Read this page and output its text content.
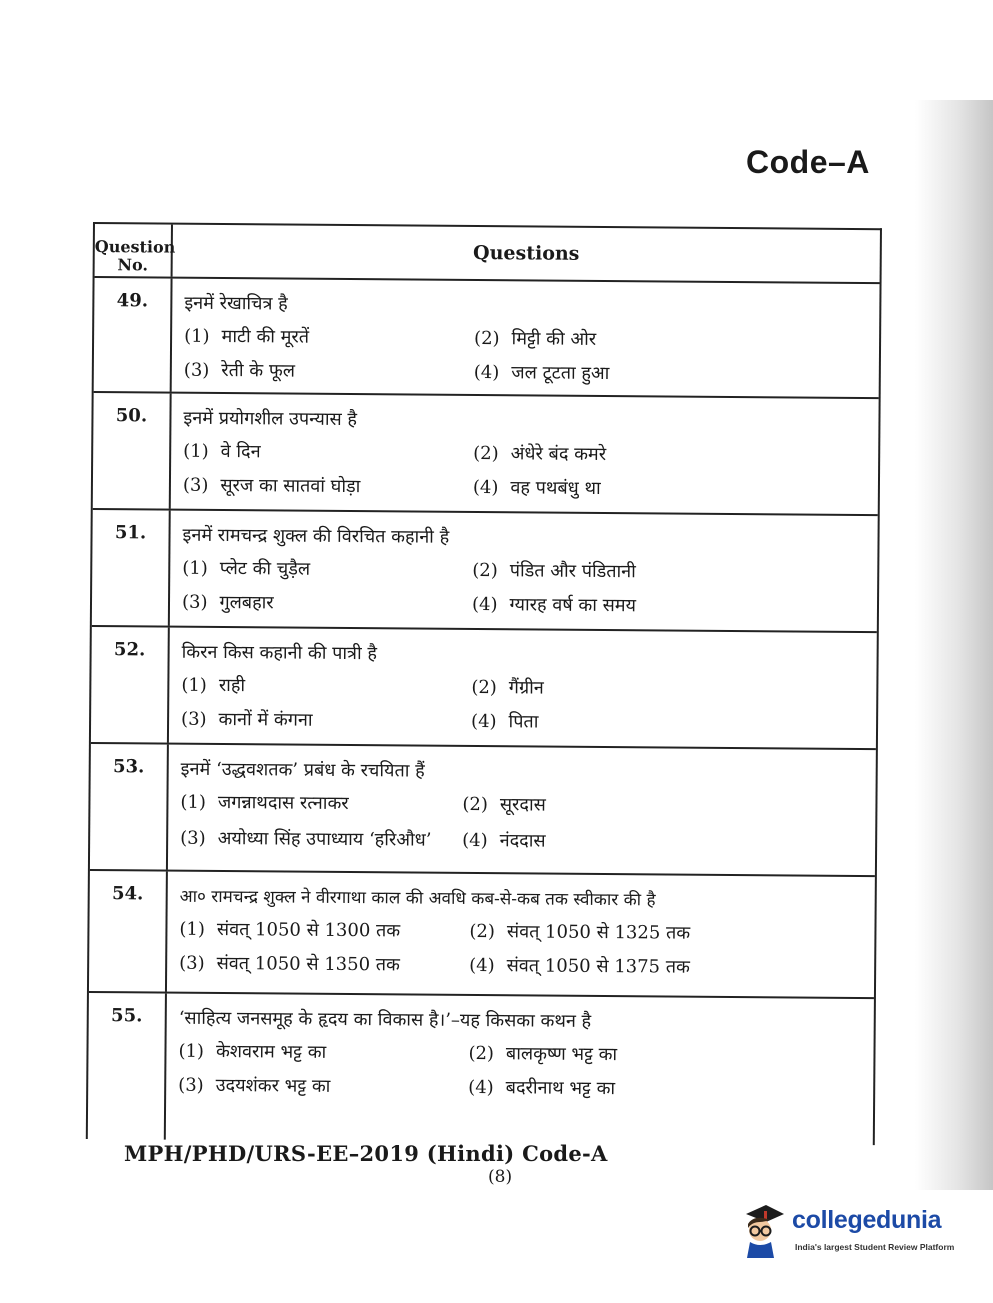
Code–A
Question No.	Questions
49.	इनमें रेखाचित्र है
(1) माटी की मूरतें	(2) मिट्टी की ओर
(3) रेती के फूल	(4) जल टूटता हुआ
50.	इनमें प्रयोगशील उपन्यास है
(1) वे दिन	(2) अंधेरे बंद कमरे
(3) सूरज का सातवां घोड़ा	(4) वह पथबंधु था
51.	इनमें रामचन्द्र शुक्ल की विरचित कहानी है
(1) प्लेट की चुड़ैल	(2) पंडित और पंडितानी
(3) गुलबहार	(4) ग्यारह वर्ष का समय
52.	किरन किस कहानी की पात्री है
(1) राही	(2) गैंग्रीन
(3) कानों में कंगना	(4) पिता
53.	इनमें ‘उद्धवशतक’ प्रबंध के रचयिता हैं
(1) जगन्नाथदास रत्नाकर	(2) सूरदास
(3) अयोध्या सिंह उपाध्याय ‘हरिऔध’	(4) नंददास
54.	आ० रामचन्द्र शुक्ल ने वीरगाथा काल की अवधि कब-से-कब तक स्वीकार की है
(1) संवत् 1050 से 1300 तक	(2) संवत् 1050 से 1325 तक
(3) संवत् 1050 से 1350 तक	(4) संवत् 1050 से 1375 तक
55.	‘साहित्य जनसमूह के हृदय का विकास है।’–यह किसका कथन है
(1) केशवराम भट्ट का	(2) बालकृष्ण भट्ट का
(3) उदयशंकर भट्ट का	(4) बदरीनाथ भट्ट का
MPH/PHD/URS-EE–2019 (Hindi) Code-A
(8)
collegedunia
India's largest Student Review Platform
